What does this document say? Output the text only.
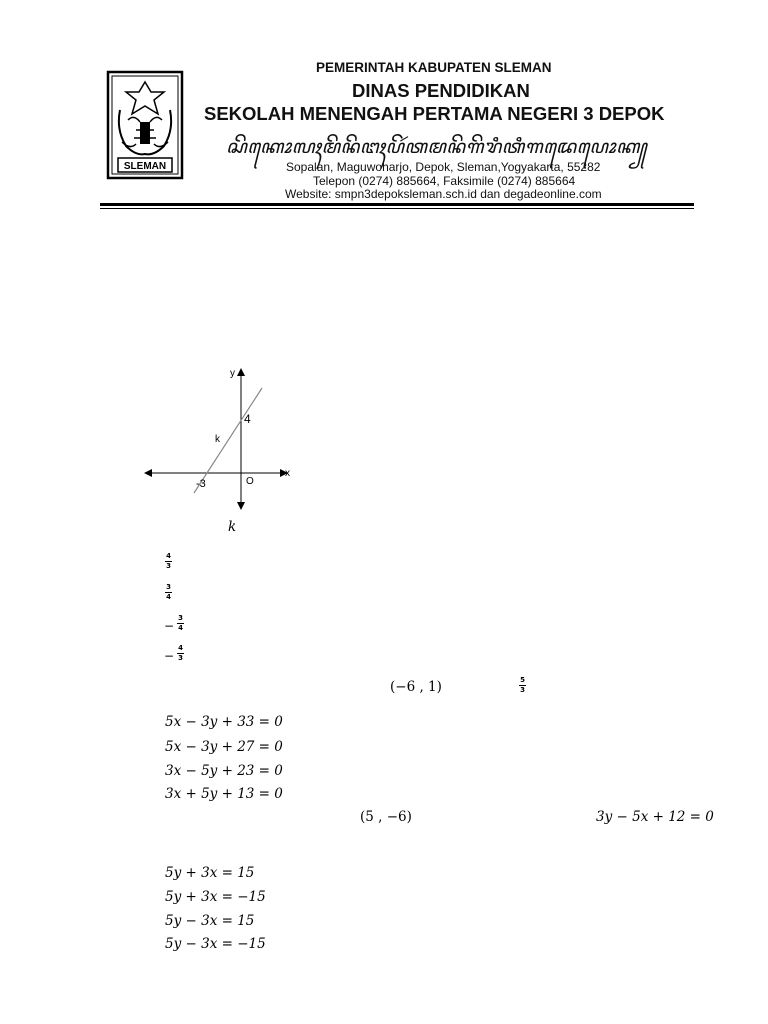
SLEMAN
PEMERINTAH KABUPATEN SLEMAN
DINAS PENDIDIKAN
SEKOLAH MENENGAH PERTAMA NEGERI 3 DEPOK
ꦱꦼꦏꦺꦴꦭꦃꦩꦼꦤꦼꦔꦃꦥꦼꦂꦠꦩꦤꦼꦒꦼꦫꦶꦠꦶꦒꦢꦺꦥꦺꦴꦏ꧀
Sopalan, Maguwoharjo, Depok, Sleman,Yogyakarta, 55282
Telepon (0274) 885664, Faksimile (0274) 885664
Website: smpn3depoksleman.sch.id dan degadeonline.com
y
x
k
4
-3	O
k
4
3
3
4
−
3
4
−
4
3
(−6 , 1)	5
3
5𝑥 − 3𝑦 + 33 = 0
5𝑥 − 3𝑦 + 27 = 0
3𝑥 − 5𝑦 + 23 = 0
3𝑥 + 5𝑦 + 13 = 0
(5 , −6)	3𝑦 − 5𝑥 + 12 = 0
5𝑦 + 3𝑥 = 15
5𝑦 + 3𝑥 = −15
5𝑦 − 3𝑥 = 15
5𝑦 − 3𝑥 = −15
